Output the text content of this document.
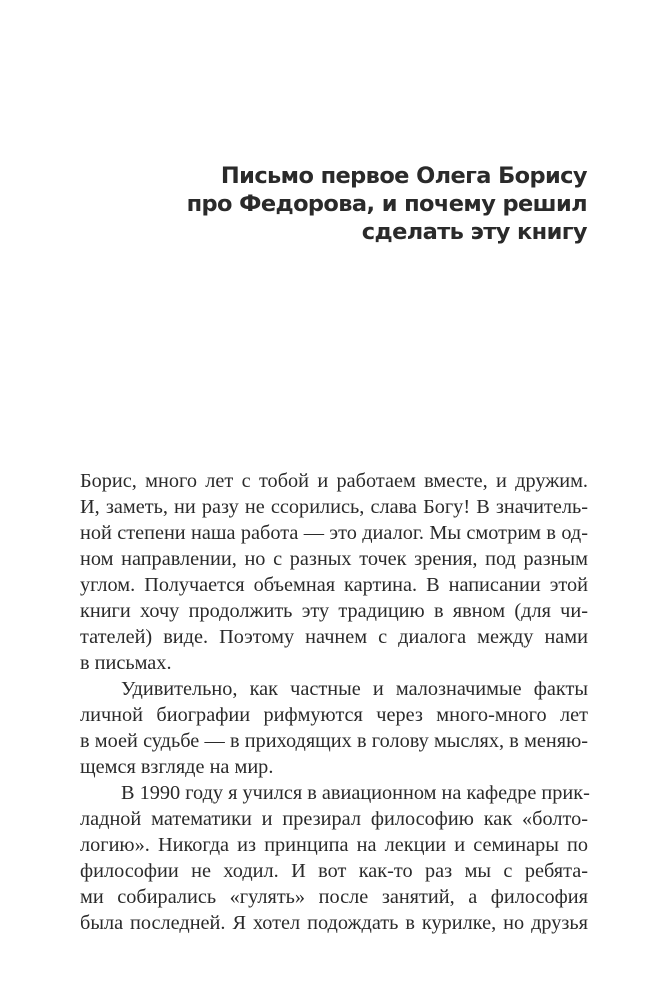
Письмо первое Олега Борису
про Федорова, и почему решил
сделать эту книгу

Борис, много лет с тобой и работаем вместе, и дружим.
И, заметь, ни разу не ссорились, слава Богу! В значитель-
ной степени наша работа — это диалог. Мы смотрим в од-
ном направлении, но с разных точек зрения, под разным
углом. Получается объемная картина. В написании этой
книги хочу продолжить эту традицию в явном (для чи-
тателей) виде. Поэтому начнем с диалога между нами
в письмах.

Удивительно, как частные и малозначимые факты
личной биографии рифмуются через много-много лет
в моей судьбе — в приходящих в голову мыслях, в меняю-
щемся взгляде на мир.

В 1990 году я учился в авиационном на кафедре прик-
ладной математики и презирал философию как «болто-
логию». Никогда из принципа на лекции и семинары по
философии не ходил. И вот как-то раз мы с ребята-
ми собирались «гулять» после занятий, а философия
была последней. Я хотел подождать в курилке, но друзья
